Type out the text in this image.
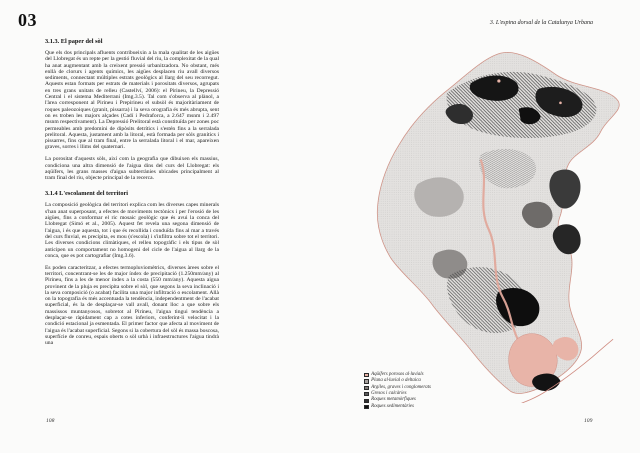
03
3.1.3. El paper del sòl

Que els dos principals afluents contribueixin a la mala qualitat de les aigües del Llobregat és un repte per la gestió fluvial del riu, la complexitat de la qual ha anat augmentant amb la creixent pressió urbanitzadora. No obstant, més enllà de clorurs i agents químics, les aigües desplacen riu avall diversos sediments, connectant múltiples estrats geològics al llarg del seu recorregut. Aquests estan formats per estrats de materials i porositats diversos, agrupats en tres grans unitats de relleu (Castellví, 2006): el Pirineu, la Depressió Central i el sistema Mediterrani (Img.3.5). Tal com s'observa al plànol, a l'àrea corresponent al Pirineu i Prepirineu el subsòl és majoritàriament de roques paleozoiques (granit, pissarra) i la seva orografia és més abrupta, sent on es troben les majors alçades (Cadí i Pedraforca, a 2.647 msnm i 2.497 msnm respectivament). La Depressió Prelitoral està constituïda per zones poc permeables amb predomini de dipòsits detrítics i s'estén fins a la serralada prelitoral. Aquesta, justament amb la litoral, està formada per sòls granítics i pissarres, fins que al tram final, entre la serralada litoral i el mar, apareixen graves, sorres i llims del quaternari.

La porositat d'aquests sòls, així com la geografia que dibuixen els massius, condiciona una altra dimensió de l'aigua dins del curs del Llobregat: els aqüífers, les grans masses d'aigua subterrànies ubicades principalment al tram final del riu, objecte principal de la recerca.

3.1.4 L'escolament del territori

La composició geològica del territori explica com les diverses capes minerals s'han anat superposant, a efectes de moviments tectònics i per l'erosió de les aigües, fins a conformar el ric mosaic geològic que és avui la conca del Llobregat (Simó et al., 2005). Aquest fet revela una segona dimensió de l'aigua, i és que aquesta, tot i que és recollida i conduïda fins al mar a través del curs fluvial, es precipita, es mou (s'escola) i s'infiltra sobre tot el territori. Les diverses condicions climàtiques, el relleu topogràfic i els tipus de sòl anticipen un comportament no homogeni del cicle de l'aigua al llarg de la conca, que es pot cartografiar (Img.3.6).

Es poden caracteritzar, a efectes termopluviomètrics, diverses àrees sobre el territori, concentrant-se les de major índex de precipitació (1.250mm/any) al Pirineu, fins a les de menor índex a la costa (550 mm/any). Aquesta aigua provinent de la pluja es precipita sobre el sòl, que segons la seva inclinació i la seva composició (o acabat) facilita una major infiltració o escolament. Allà on la topografia és més accentuada la tendència, independentment de l'acabat superficial, és la de desplaçar-se vall avall, donant lloc a que sobre els massissos muntanyosos, sobretot al Pirineu, l'aigua tingui tendència a desplaçar-se ràpidament cap a cotes inferiors, conferint-li velocitat i la condició estacional ja esmentada. El primer factor que afecta al moviment de l'aigua és l'acabat superficial. Segons si la cobertura del sòl és massa boscosa, superfície de conreu, espais oberts o sòl urbà i infraestructures l'aigua tindrà una

108
3. L'espina dorsal de la Catalunya Urbana
Aqüífers porosos al·luvials
Plana al·luvial o deltaica
Argiles, graves i conglomerats
Gresos i calcàries
Roques metamòrfiques
Roques sedimentàries
109
